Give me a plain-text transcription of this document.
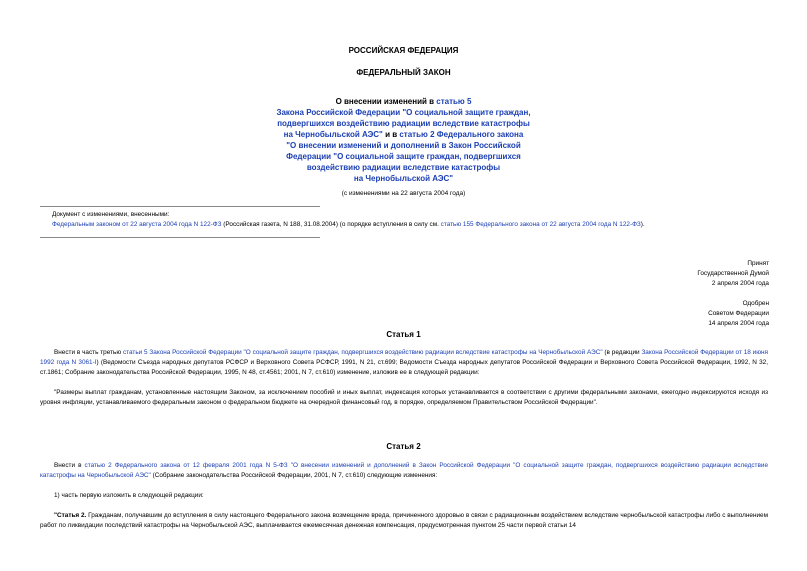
РОССИЙСКАЯ ФЕДЕРАЦИЯ
ФЕДЕРАЛЬНЫЙ ЗАКОН
О внесении изменений в статью 5
Закона Российской Федерации "О социальной защите граждан,
подвергшихся воздействию радиации вследствие катастрофы
на Чернобыльской АЭС" и в статью 2 Федерального закона
"О внесении изменений и дополнений в Закон Российской
Федерации "О социальной защите граждан, подвергшихся
воздействию радиации вследствие катастрофы
на Чернобыльской АЭС"
(с изменениями на 22 августа 2004 года)
Документ с изменениями, внесенными:
Федеральным законом от 22 августа 2004 года N 122-ФЗ (Российская газета, N 188, 31.08.2004) (о порядке вступления в силу см. статью 155 Федерального закона от 22 августа 2004 года N 122-ФЗ).
Принят
Государственной Думой
2 апреля 2004 года
Одобрен
Советом Федерации
14 апреля 2004 года
Статья 1

Внести в часть третью статьи 5 Закона Российской Федерации "О социальной защите граждан, подвергшихся воздействию радиации вследствие катастрофы на Чернобыльской АЭС" (в редакции Закона Российской Федерации от 18 июня 1992 года N 3061-I) (Ведомости Съезда народных депутатов РСФСР и Верховного Совета РСФСР, 1991, N 21, ст.699; Ведомости Съезда народных депутатов Российской Федерации и Верховного Совета Российской Федерации, 1992, N 32, ст.1861; Собрание законодательства Российской Федерации, 1995, N 48, ст.4561; 2001, N 7, ст.610) изменение, изложив ее в следующей редакции:

"Размеры выплат гражданам, установленные настоящим Законом, за исключением пособий и иных выплат, индексация которых устанавливается в соответствии с другими федеральными законами, ежегодно индексируются исходя из уровня инфляции, устанавливаемого федеральным законом о федеральном бюджете на очередной финансовый год, в порядке, определяемом Правительством Российской Федерации".

Статья 2

Внести в статью 2 Федерального закона от 12 февраля 2001 года N 5-ФЗ "О внесении изменений и дополнений в Закон Российской Федерации "О социальной защите граждан, подвергшихся воздействию радиации вследствие катастрофы на Чернобыльской АЭС" (Собрание законодательства Российской Федерации, 2001, N 7, ст.610) следующие изменения:

1) часть первую изложить в следующей редакции:

"Статья 2. Гражданам, получавшим до вступления в силу настоящего Федерального закона возмещение вреда, причиненного здоровью в связи с радиационным воздействием вследствие чернобыльской катастрофы либо с выполнением работ по ликвидации последствий катастрофы на Чернобыльской АЭС, выплачивается ежемесячная денежная компенсация, предусмотренная пунктом 25 части первой статьи 14
